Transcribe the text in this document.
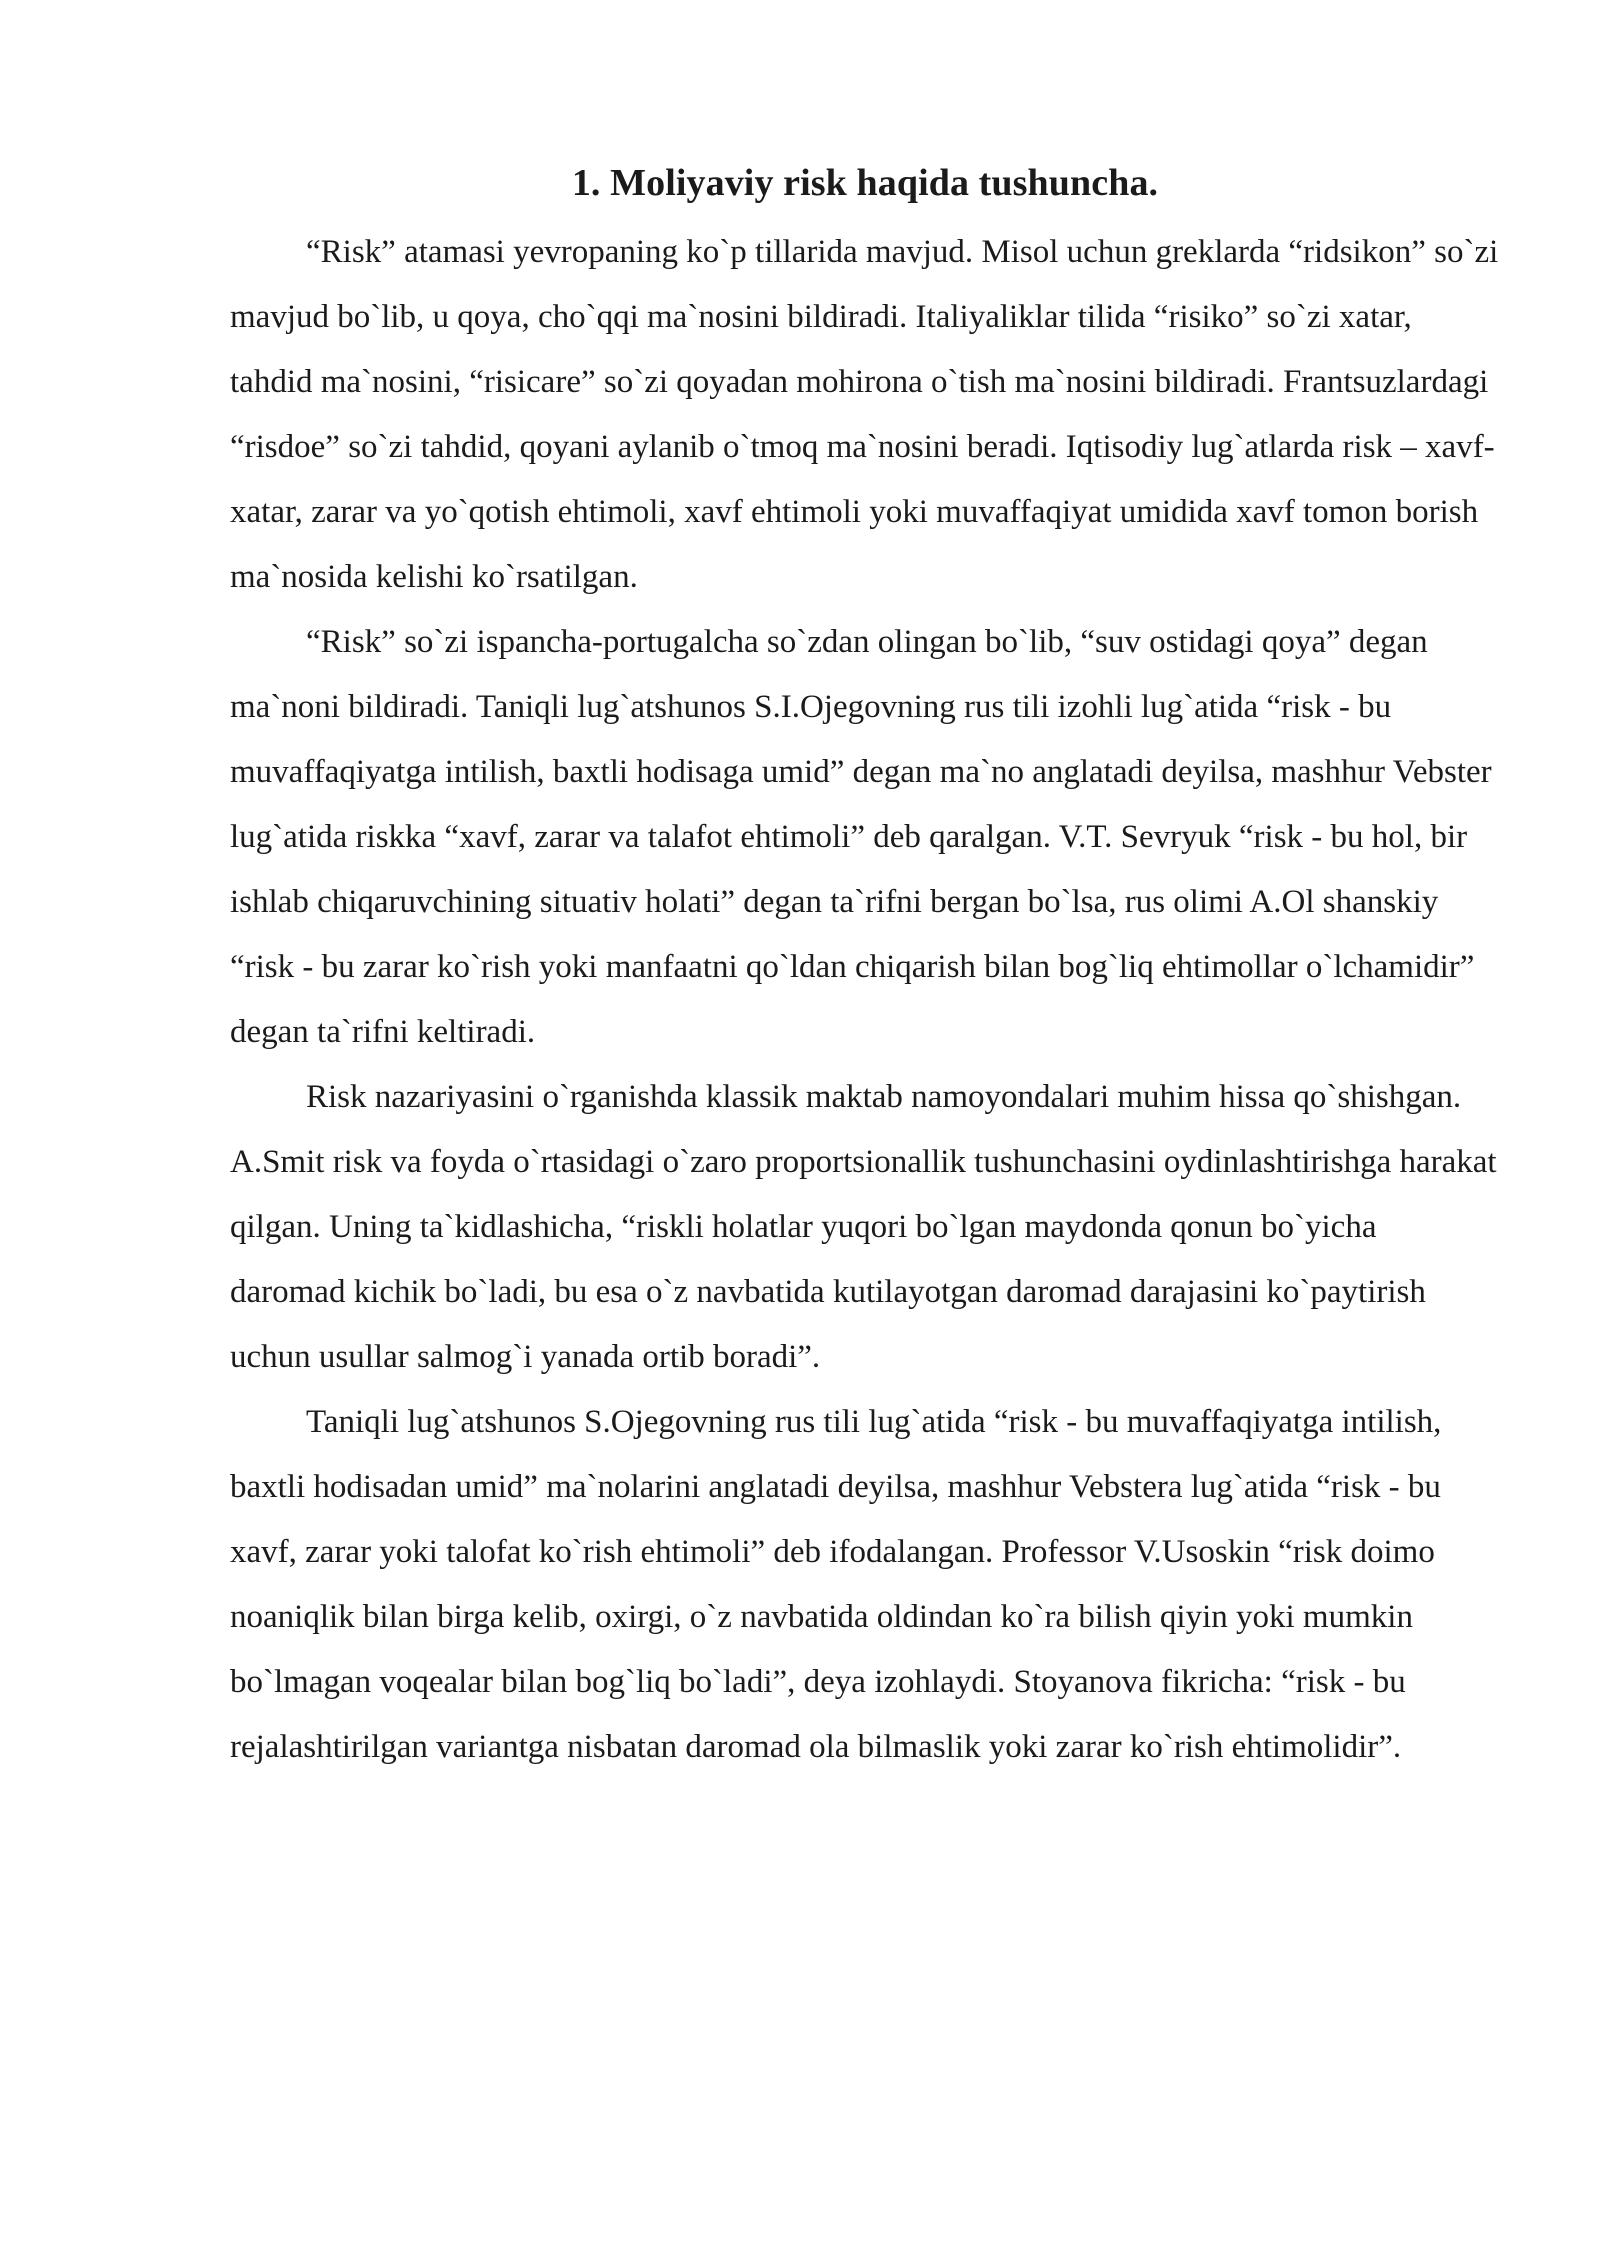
1. Moliyaviy risk haqida tushuncha.

“Risk” atamasi yevropaning ko`p tillarida mavjud. Misol uchun greklarda “ridsikon” so`zi mavjud bo`lib, u qoya, cho`qqi ma`nosini bildiradi. Italiyaliklar tilida “risiko” so`zi xatar, tahdid ma`nosini, “risicare” so`zi qoyadan mohirona o`tish ma`nosini bildiradi. Frantsuzlardagi “risdoe” so`zi tahdid, qoyani aylanib o`tmoq ma`nosini beradi. Iqtisodiy lug`atlarda risk – xavf-xatar, zarar va yo`qotish ehtimoli, xavf ehtimoli yoki muvaffaqiyat umidida xavf tomon borish ma`nosida kelishi ko`rsatilgan.

“Risk” so`zi ispancha-portugalcha so`zdan olingan bo`lib, “suv ostidagi qoya” degan ma`noni bildiradi. Taniqli lug`atshunos S.I.Ojegovning rus tili izohli lug`atida “risk - bu muvaffaqiyatga intilish, baxtli hodisaga umid” degan ma`no anglatadi deyilsa, mashhur Vebster lug`atida riskka “xavf, zarar va talafot ehtimoli” deb qaralgan. V.T. Sevryuk “risk - bu hol, bir ishlab chiqaruvchining situativ holati” degan ta`rifni bergan bo`lsa, rus olimi A.Ol shanskiy “risk - bu zarar ko`rish yoki manfaatni qo`ldan chiqarish bilan bog`liq ehtimollar o`lchamidir” degan ta`rifni keltiradi.

Risk nazariyasini o`rganishda klassik maktab namoyondalari muhim hissa qo`shishgan. A.Smit risk va foyda o`rtasidagi o`zaro proportsionallik tushunchasini oydinlashtirishga harakat qilgan. Uning ta`kidlashicha, “riskli holatlar yuqori bo`lgan maydonda qonun bo`yicha daromad kichik bo`ladi, bu esa o`z navbatida kutilayotgan daromad darajasini ko`paytirish uchun usullar salmog`i yanada ortib boradi”.

Taniqli lug`atshunos S.Ojegovning rus tili lug`atida “risk - bu muvaffaqiyatga intilish, baxtli hodisadan umid” ma`nolarini anglatadi deyilsa, mashhur Vebstera lug`atida “risk - bu xavf, zarar yoki talofat ko`rish ehtimoli” deb ifodalangan. Professor V.Usoskin “risk doimo noaniqlik bilan birga kelib, oxirgi, o`z navbatida oldindan ko`ra bilish qiyin yoki mumkin bo`lmagan voqealar bilan bog`liq bo`ladi”, deya izohlaydi. Stoyanova fikricha: “risk - bu rejalashtirilgan variantga nisbatan daromad ola bilmaslik yoki zarar ko`rish ehtimolidir”.
